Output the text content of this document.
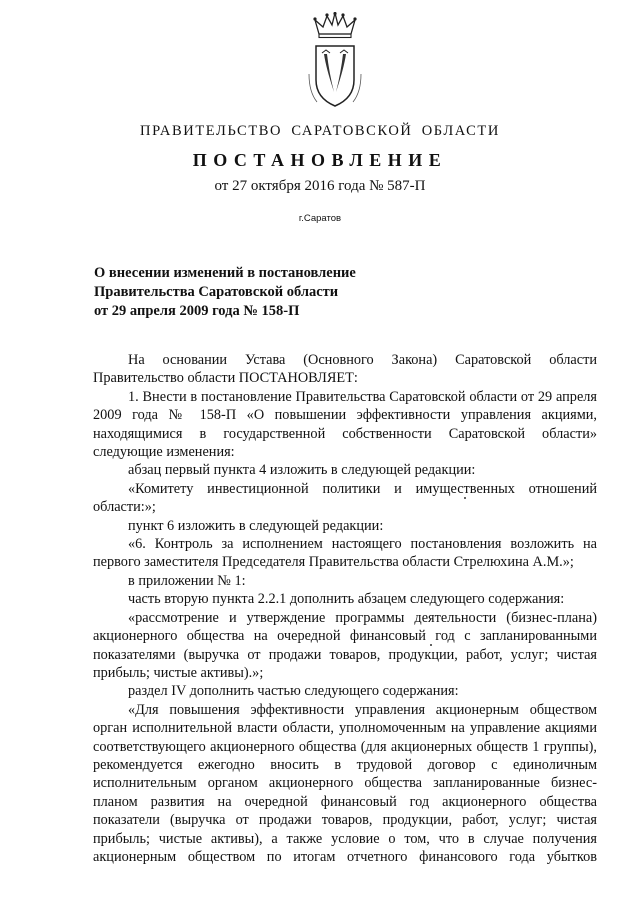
ПРАВИТЕЛЬСТВО САРАТОВСКОЙ ОБЛАСТИ
ПОСТАНОВЛЕНИЕ
от 27 октября 2016 года № 587-П
г.Саратов
О внесении изменений в постановление
Правительства Саратовской области
от 29 апреля 2009 года № 158-П

На основании Устава (Основного Закона) Саратовской области Правительство области ПОСТАНОВЛЯЕТ:

1. Внести в постановление Правительства Саратовской области от 29 апреля 2009 года № 158-П «О повышении эффективности управления акциями, находящимися в государственной собственности Саратовской области» следующие изменения:

абзац первый пункта 4 изложить в следующей редакции:

«Комитету инвестиционной политики и имущественных отношений области:»;

пункт 6 изложить в следующей редакции:

«6. Контроль за исполнением настоящего постановления возложить на первого заместителя Председателя Правительства области Стрелюхина А.М.»;

в приложении № 1:

часть вторую пункта 2.2.1 дополнить абзацем следующего содержания:

«рассмотрение и утверждение программы деятельности (бизнес-плана) акционерного общества на очередной финансовый год с запланированными показателями (выручка от продажи товаров, продукции, работ, услуг; чистая прибыль; чистые активы).»;

раздел IV дополнить частью следующего содержания:

«Для повышения эффективности управления акционерным обществом орган исполнительной власти области, уполномоченным на управление акциями соответствующего акционерного общества (для акционерных обществ 1 группы), рекомендуется ежегодно вносить в трудовой договор с единоличным исполнительным органом акционерного общества запланированные бизнес-планом развития на очередной финансовый год акционерного общества показатели (выручка от продажи товаров, продукции, работ, услуг; чистая прибыль; чистые активы), а также условие о том, что в случае получения акционерным обществом по итогам отчетного финансового года убытков
